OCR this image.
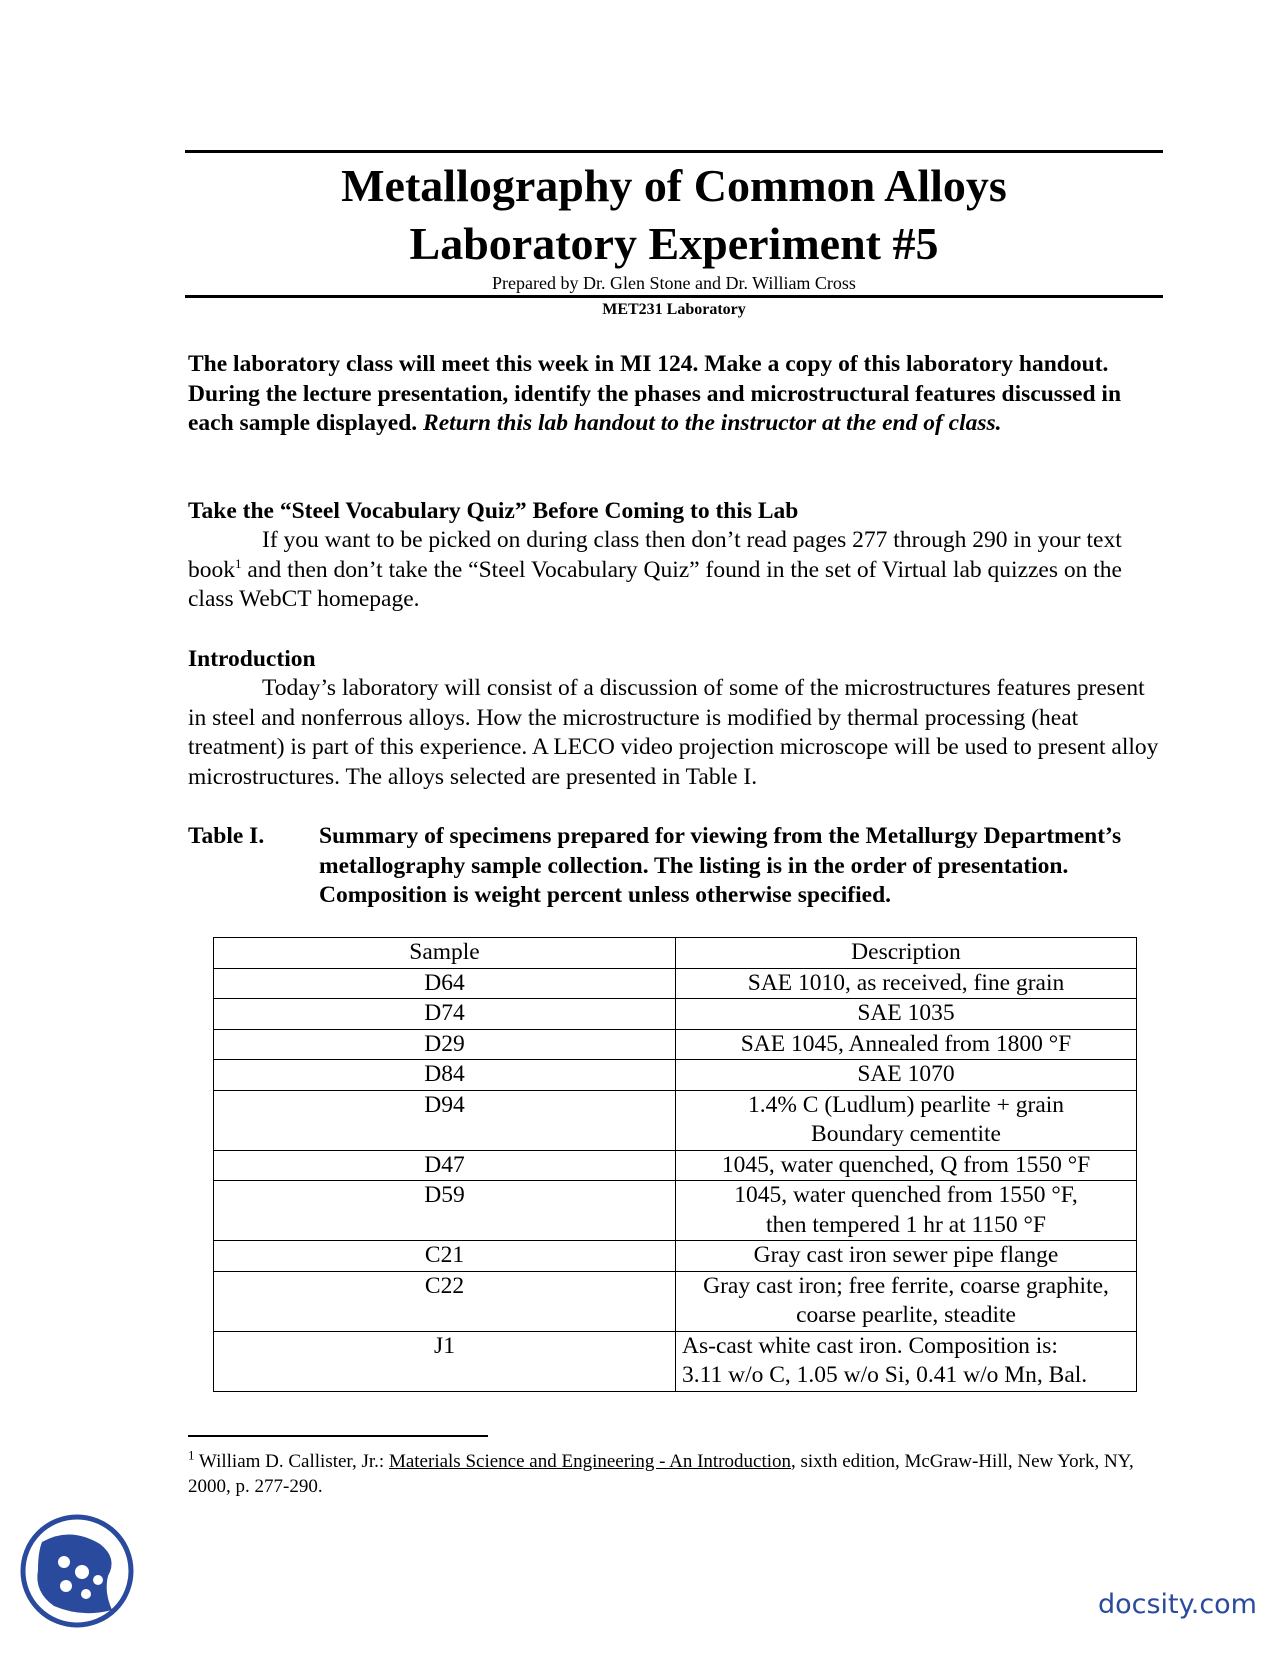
Metallography of Common Alloys
Laboratory Experiment #5
Prepared by Dr. Glen Stone and Dr. William Cross
MET231 Laboratory
The laboratory class will meet this week in MI 124. Make a copy of this laboratory handout. During the lecture presentation, identify the phases and microstructural features discussed in each sample displayed. Return this lab handout to the instructor at the end of class.
Take the “Steel Vocabulary Quiz” Before Coming to this Lab
If you want to be picked on during class then don’t read pages 277 through 290 in your text book$^1$ and then don’t take the “Steel Vocabulary Quiz” found in the set of Virtual lab quizzes on the class WebCT homepage.
Introduction
Today’s laboratory will consist of a discussion of some of the microstructures features present in steel and nonferrous alloys. How the microstructure is modified by thermal processing (heat treatment) is part of this experience. A LECO video projection microscope will be used to present alloy microstructures. The alloys selected are presented in Table I.
Table I. Summary of specimens prepared for viewing from the Metallurgy Department’s metallography sample collection. The listing is in the order of presentation. Composition is weight percent unless otherwise specified.
Sample	Description
D64	SAE 1010, as received, fine grain

D74	SAE 1035

D29	SAE 1045, Annealed from 1800 °F

D84	SAE 1070

D94	1.4% C (Ludlum) pearlite + grain
Boundary cementite

D47	1045, water quenched, Q from 1550 °F

D59	1045, water quenched from 1550 °F,
then tempered 1 hr at 1150 °F

C21	Gray cast iron sewer pipe flange

C22	Gray cast iron; free ferrite, coarse graphite,
coarse pearlite, steadite

J1	As-cast white cast iron. Composition is:
3.11 w/o C, 1.05 w/o Si, 0.41 w/o Mn, Bal.
$^1$ William D. Callister, Jr.: Materials Science and Engineering - An Introduction, sixth edition, McGraw-Hill, New York, NY, 2000, p. 277-290.
docsity.com
